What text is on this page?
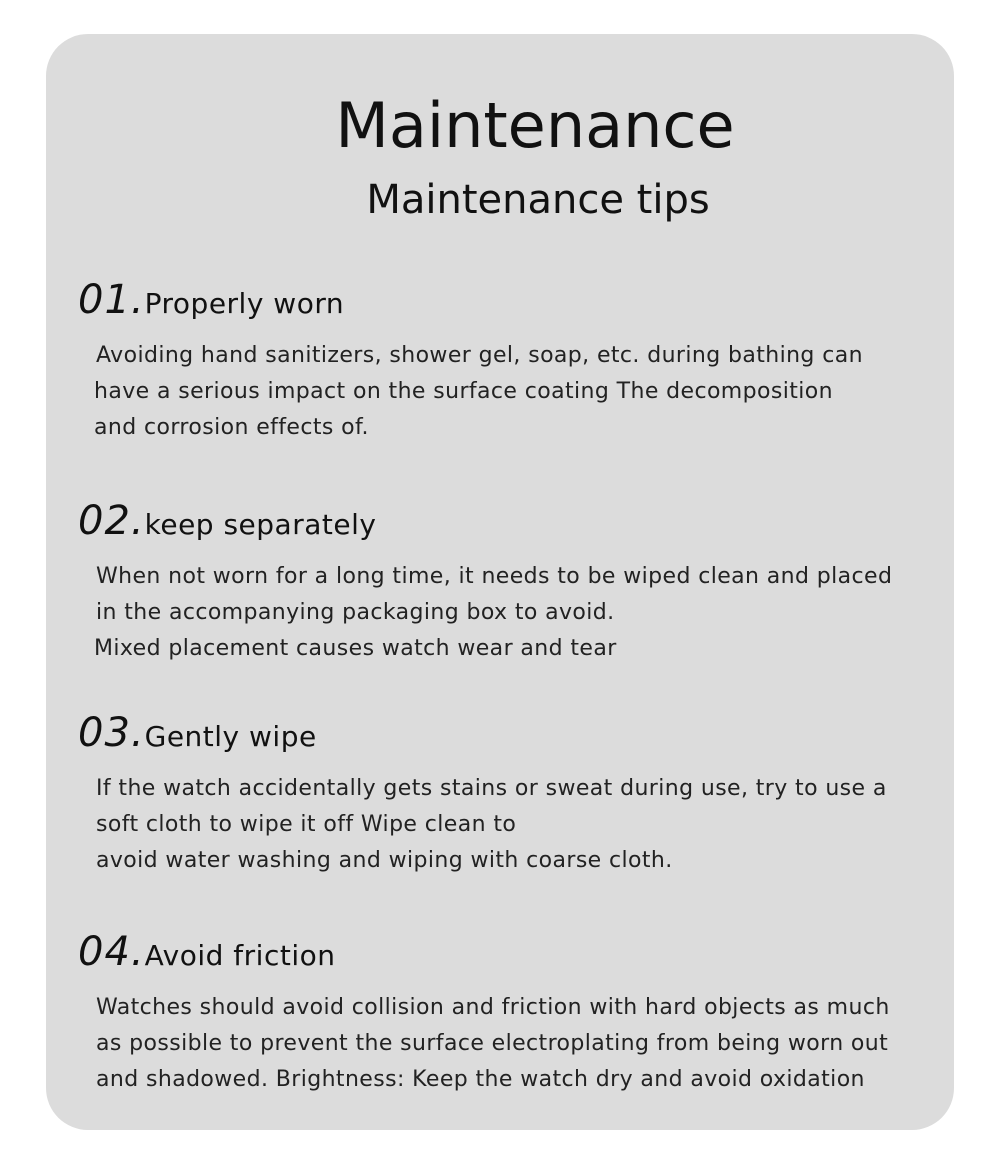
Maintenance
Maintenance tips
01.Properly worn
Avoiding hand sanitizers, shower gel, soap, etc. during bathing can
have a serious impact on the surface coating The decomposition
and corrosion effects of.
02.keep separately
When not worn for a long time, it needs to be wiped clean and placed
in the accompanying packaging box to avoid.
Mixed placement causes watch wear and tear
03.Gently wipe
If the watch accidentally gets stains or sweat during use, try to use a
soft cloth to wipe it off Wipe clean to
avoid water washing and wiping with coarse cloth.
04.Avoid friction
Watches should avoid collision and friction with hard objects as much
as possible to prevent the surface electroplating from being worn out
and shadowed. Brightness: Keep the watch dry and avoid oxidation
